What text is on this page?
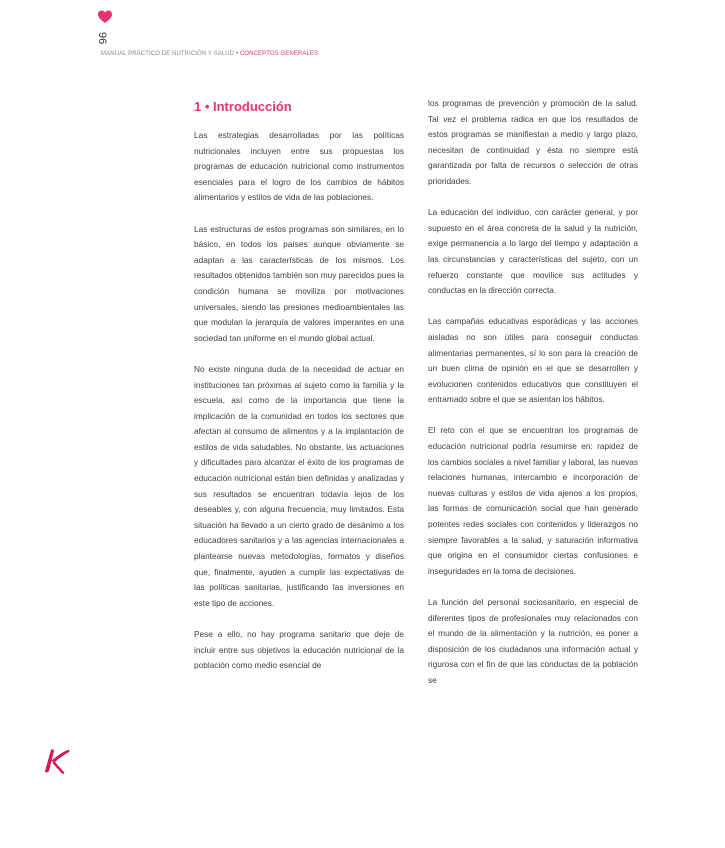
96
MANUAL PRÁCTICO DE NUTRICIÓN Y SALUD • CONCEPTOS GENERALES
1 • Introducción

Las estrategias desarrolladas por las políticas nutricionales incluyen entre sus propuestas los programas de educación nutricional como instrumentos esenciales para el logro de los cambios de hábitos alimentarios y estilos de vida de las poblaciones.

Las estructuras de estos programas son similares, en lo básico, en todos los países aunque obviamente se adaptan a las características de los mismos. Los resultados obtenidos también son muy parecidos pues la condición humana se moviliza por motivaciones universales, siendo las presiones medioambientales las que modulan la jerarquía de valores imperantes en una sociedad tan uniforme en el mundo global actual.

No existe ninguna duda de la necesidad de actuar en instituciones tan próximas al sujeto como la familia y la escuela, así como de la importancia que tiene la implicación de la comunidad en todos los sectores que afectan al consumo de alimentos y a la implantación de estilos de vida saludables. No obstante, las actuaciones y dificultades para alcanzar el éxito de los programas de educación nutricional están bien definidas y analizadas y sus resultados se encuentran todavía lejos de los deseables y, con alguna frecuencia, muy limitados. Esta situación ha llevado a un cierto grado de desánimo a los educadores sanitarios y a las agencias internacionales a plantearse nuevas metodologías, formatos y diseños que, finalmente, ayuden a cumplir las expectativas de las políticas sanitarias, justificando las inversiones en este tipo de acciones.

Pese a ello, no hay programa sanitario que deje de incluir entre sus objetivos la educación nutricional de la población como medio esencial de

los programas de prevención y promoción de la salud. Tal vez el problema radica en que los resultados de estos programas se manifiestan a medio y largo plazo, necesitan de continuidad y ésta no siempre está garantizada por falta de recursos o selección de otras prioridades.

La educación del individuo, con carácter general, y por supuesto en el área concreta de la salud y la nutrición, exige permanencia a lo largo del tiempo y adaptación a las circunstancias y características del sujeto, con un refuerzo constante que movilice sus actitudes y conductas en la dirección correcta.

Las campañas educativas esporádicas y las acciones aisladas no son útiles para conseguir conductas alimentarias permanentes, sí lo son para la creación de un buen clima de opinión en el que se desarrollen y evolucionen contenidos educativos que constituyen el entramado sobre el que se asientan los hábitos.

El reto con el que se encuentran los programas de educación nutricional podría resumirse en: rapidez de los cambios sociales a nivel familiar y laboral, las nuevas relaciones humanas, intercambio e incorporación de nuevas culturas y estilos de vida ajenos a los propios, las formas de comunicación social que han generado potentes redes sociales con contenidos y liderazgos no siempre favorables a la salud, y saturación informativa que origina en el consumidor ciertas confusiones e inseguridades en la toma de decisiones.

La función del personal sociosanitario, en especial de diferentes tipos de profesionales muy relacionados con el mundo de la alimentación y la nutrición, es poner a disposición de los ciudadanos una información actual y rigurosa con el fin de que las conductas de la población se
